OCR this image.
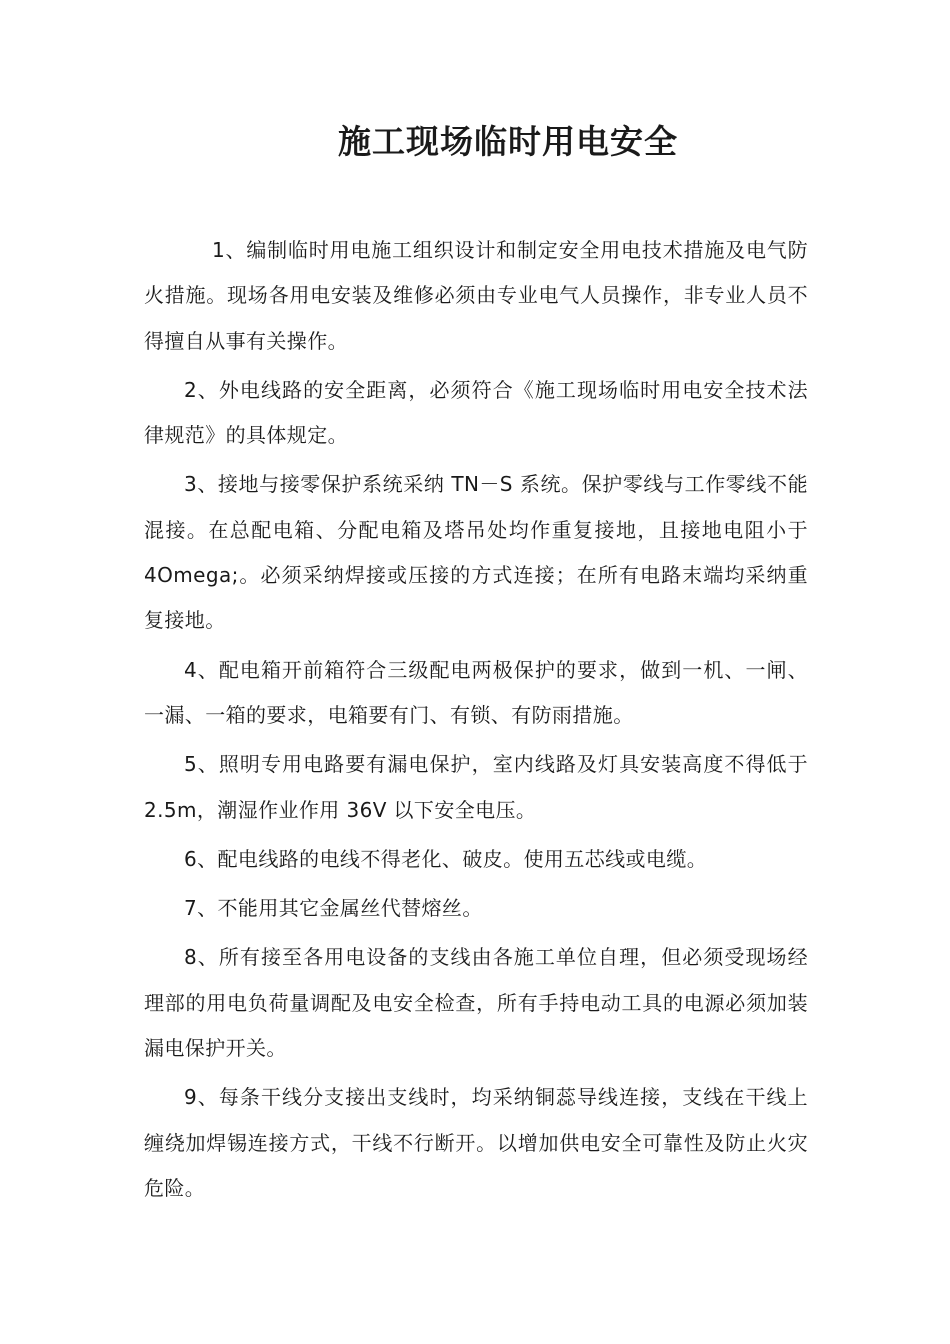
施工现场临时用电安全

1、编制临时用电施工组织设计和制定安全用电技术措施及电气防火措施。现场各用电安装及维修必须由专业电气人员操作，非专业人员不得擅自从事有关操作。

2、外电线路的安全距离，必须符合《施工现场临时用电安全技术法律规范》的具体规定。

3、接地与接零保护系统采纳 TN－S 系统。保护零线与工作零线不能混接。在总配电箱、分配电箱及塔吊处均作重复接地，且接地电阻小于 4Omega;。必须采纳焊接或压接的方式连接；在所有电路末端均采纳重复接地。

4、配电箱开前箱符合三级配电两极保护的要求，做到一机、一闸、一漏、一箱的要求，电箱要有门、有锁、有防雨措施。

5、照明专用电路要有漏电保护，室内线路及灯具安装高度不得低于 2.5m，潮湿作业作用 36V 以下安全电压。

6、配电线路的电线不得老化、破皮。使用五芯线或电缆。

7、不能用其它金属丝代替熔丝。

8、所有接至各用电设备的支线由各施工单位自理，但必须受现场经理部的用电负荷量调配及电安全检查，所有手持电动工具的电源必须加装漏电保护开关。

9、每条干线分支接出支线时，均采纳铜蕊导线连接，支线在干线上缠绕加焊锡连接方式，干线不行断开。以增加供电安全可靠性及防止火灾危险。
